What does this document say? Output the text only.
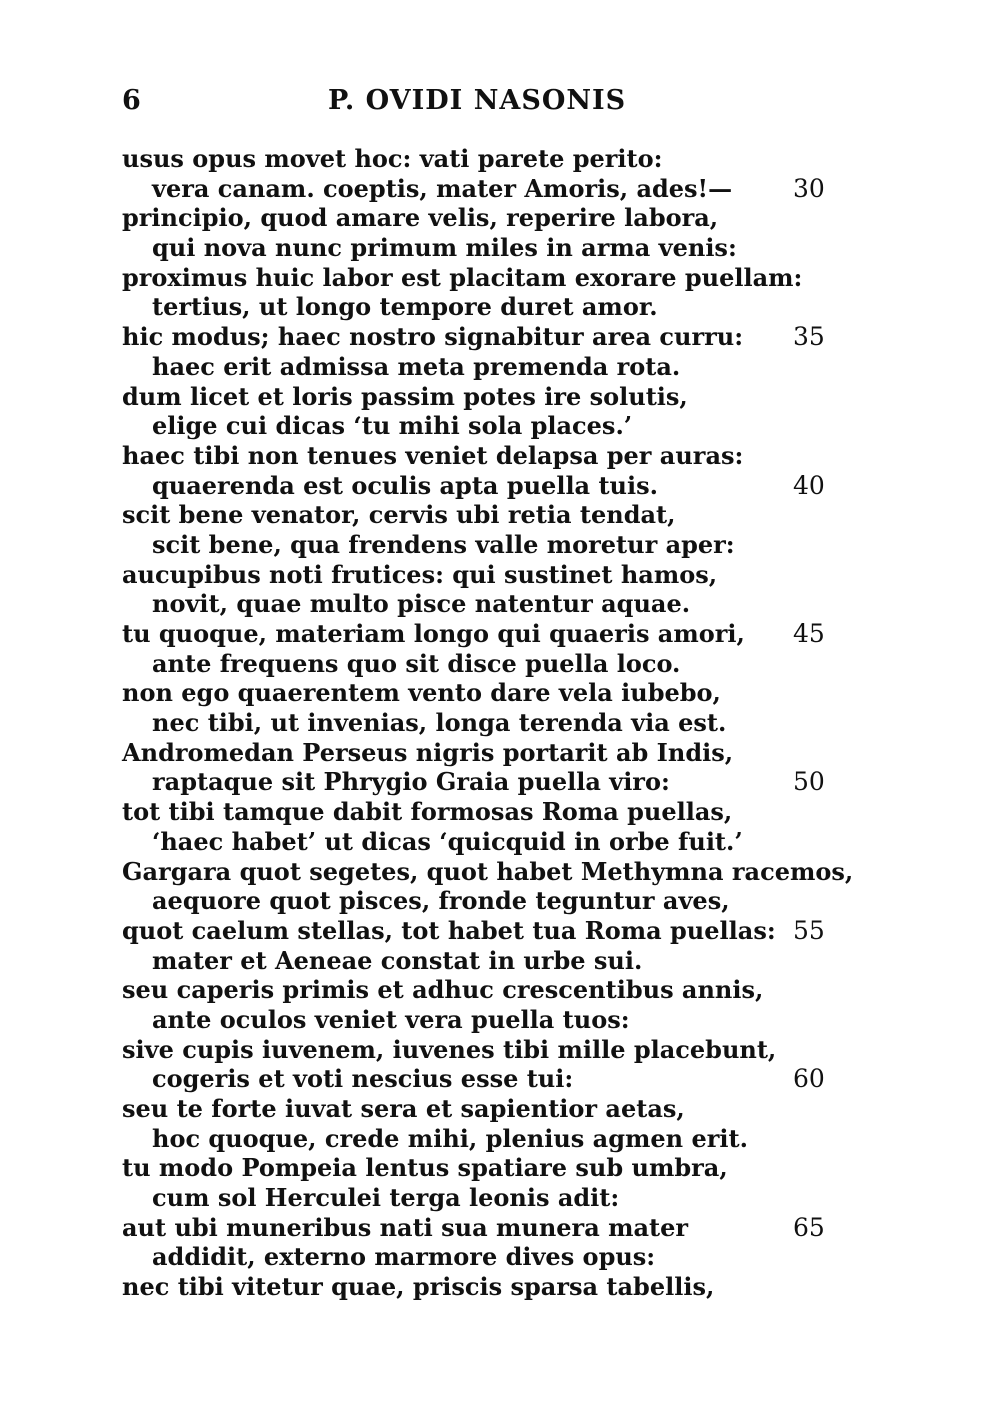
6	P. OVIDI NASONIS
usus opus movet hoc: vati parete perito:
vera canam. coeptis, mater Amoris, ades!— 30
principio, quod amare velis, reperire labora,
qui nova nunc primum miles in arma venis:
proximus huic labor est placitam exorare puellam:
tertius, ut longo tempore duret amor.
hic modus; haec nostro signabitur area curru: 35
haec erit admissa meta premenda rota.
dum licet et loris passim potes ire solutis,
elige cui dicas ‘tu mihi sola places.’
haec tibi non tenues veniet delapsa per auras:
quaerenda est oculis apta puella tuis.	40
scit bene venator, cervis ubi retia tendat,
scit bene, qua frendens valle moretur aper:
aucupibus noti frutices: qui sustinet hamos,
novit, quae multo pisce natentur aquae.
tu quoque, materiam longo qui quaeris amori, 45
ante frequens quo sit disce puella loco.
non ego quaerentem vento dare vela iubebo,
nec tibi, ut invenias, longa terenda via est.
Andromedan Perseus nigris portarit ab Indis,
raptaque sit Phrygio Graia puella viro:	50
tot tibi tamque dabit formosas Roma puellas,
‘haec habet’ ut dicas ‘quicquid in orbe fuit.’
Gargara quot segetes, quot habet Methymna racemos,
aequore quot pisces, fronde teguntur aves,
quot caelum stellas, tot habet tua Roma puellas: 55
mater et Aeneae constat in urbe sui.
seu caperis primis et adhuc crescentibus annis,
ante oculos veniet vera puella tuos:
sive cupis iuvenem, iuvenes tibi mille placebunt,
cogeris et voti nescius esse tui:	60
seu te forte iuvat sera et sapientior aetas,
hoc quoque, crede mihi, plenius agmen erit.
tu modo Pompeia lentus spatiare sub umbra,
cum sol Herculei terga leonis adit:
aut ubi muneribus nati sua munera mater	65
addidit, externo marmore dives opus:
nec tibi vitetur quae, priscis sparsa tabellis,
